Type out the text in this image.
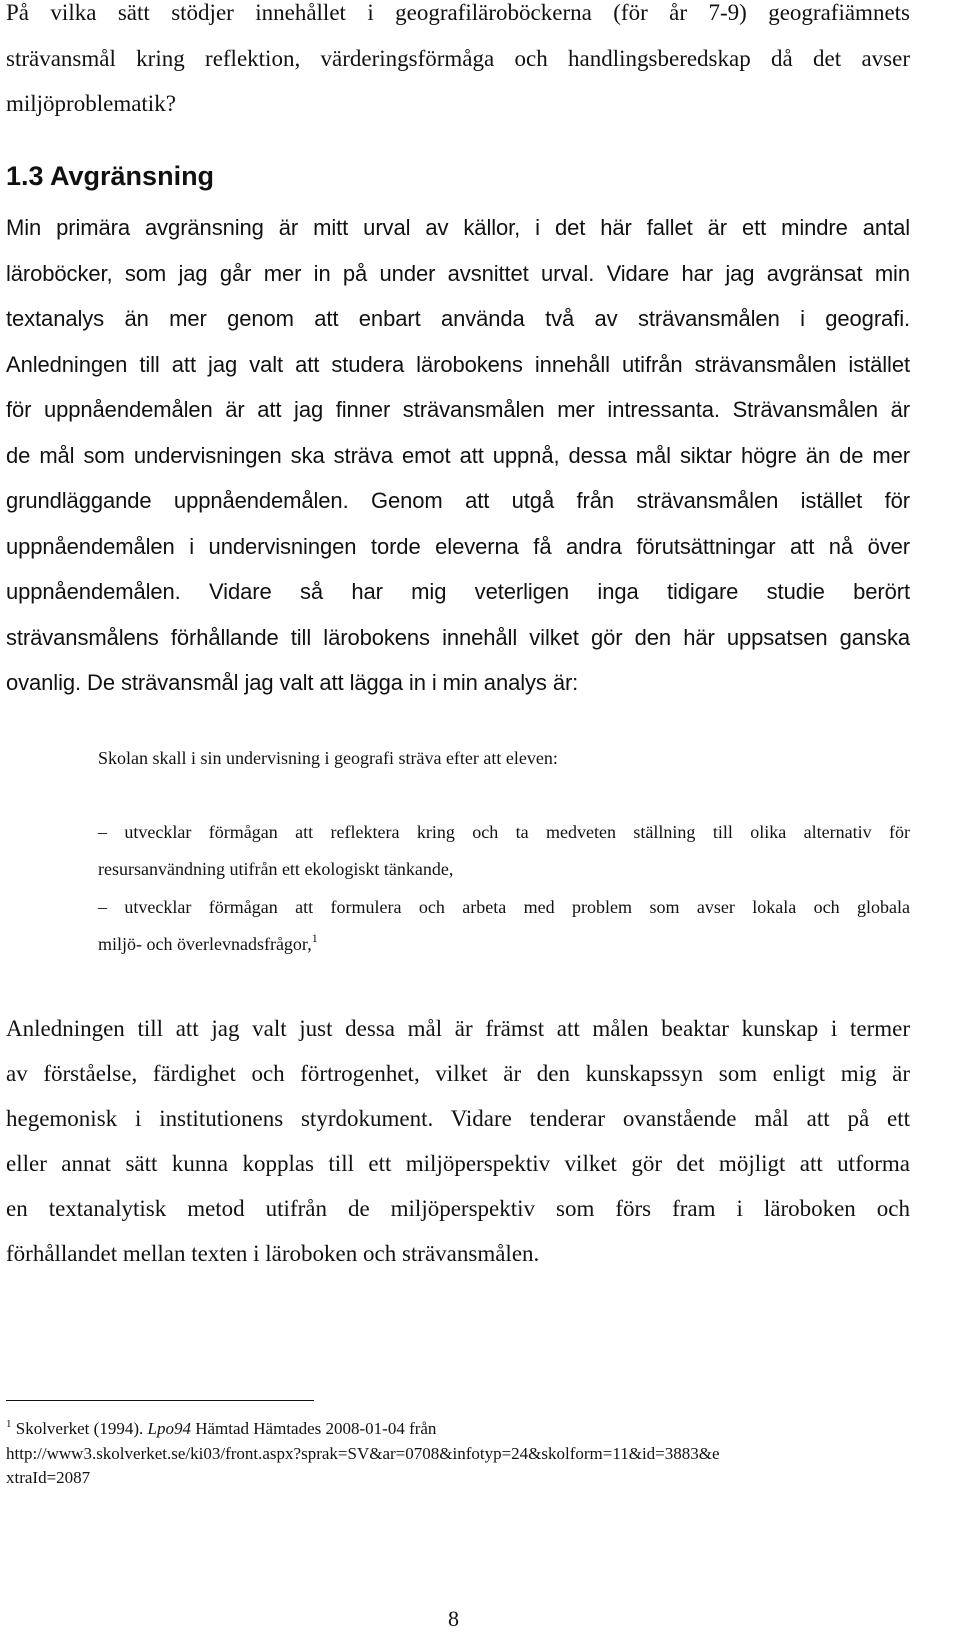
På vilka sätt stödjer innehållet i geografiläroböckerna (för år 7-9) geografiämnets

strävansmål kring reflektion, värderingsförmåga och handlingsberedskap då det avser

miljöproblematik?

1.3 Avgränsning

Min primära avgränsning är mitt urval av källor, i det här fallet är ett mindre antal

läroböcker, som jag går mer in på under avsnittet urval. Vidare har jag avgränsat min

textanalys än mer genom att enbart använda två av strävansmålen i geografi.

Anledningen till att jag valt att studera lärobokens innehåll utifrån strävansmålen istället

för uppnåendemålen är att jag finner strävansmålen mer intressanta. Strävansmålen är

de mål som undervisningen ska sträva emot att uppnå, dessa mål siktar högre än de mer

grundläggande uppnåendemålen. Genom att utgå från strävansmålen istället för

uppnåendemålen i undervisningen torde eleverna få andra förutsättningar att nå över

uppnåendemålen. Vidare så har mig veterligen inga tidigare studie berört

strävansmålens förhållande till lärobokens innehåll vilket gör den här uppsatsen ganska

ovanlig. De strävansmål jag valt att lägga in i min analys är:

Skolan skall i sin undervisning i geografi sträva efter att eleven:

– utvecklar förmågan att reflektera kring och ta medveten ställning till olika alternativ för

resursanvändning utifrån ett ekologiskt tänkande,

– utvecklar förmågan att formulera och arbeta med problem som avser lokala och globala

miljö- och överlevnadsfrågor,$^1$

Anledningen till att jag valt just dessa mål är främst att målen beaktar kunskap i termer

av förståelse, färdighet och förtrogenhet, vilket är den kunskapssyn som enligt mig är

hegemonisk i institutionens styrdokument. Vidare tenderar ovanstående mål att på ett

eller annat sätt kunna kopplas till ett miljöperspektiv vilket gör det möjligt att utforma

en textanalytisk metod utifrån de miljöperspektiv som förs fram i läroboken och

förhållandet mellan texten i läroboken och strävansmålen.

$^1$ Skolverket (1994). Lpo94 Hämtad Hämtades 2008-01-04 från

http://www3.skolverket.se/ki03/front.aspx?sprak=SV&ar=0708&infotyp=24&skolform=11&id=3883&e

xtraId=2087

8
